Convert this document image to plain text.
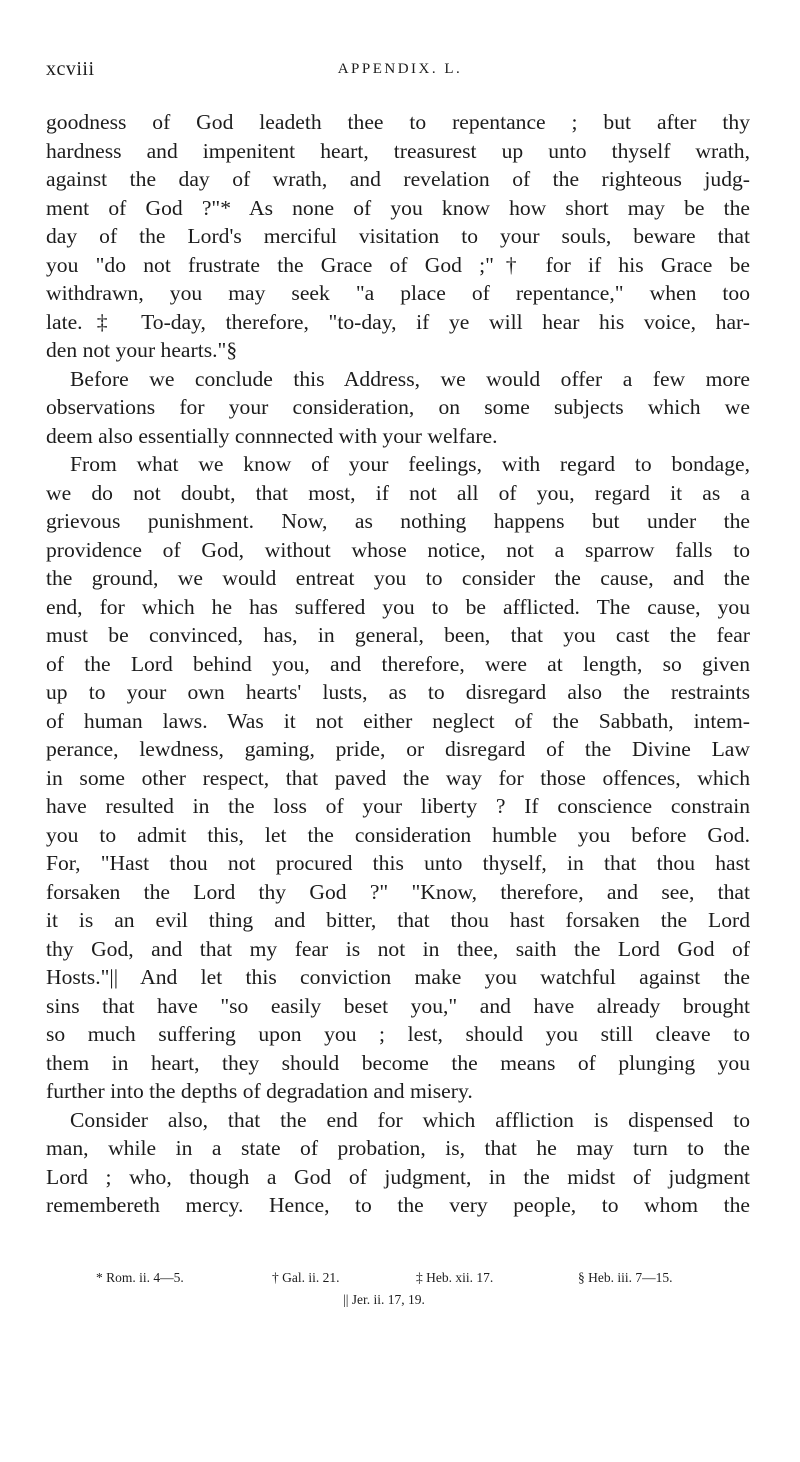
xcviii	APPENDIX. L.
goodness of God leadeth thee to repentance ; but after thy
hardness and impenitent heart, treasurest up unto thyself wrath,
against the day of wrath, and revelation of the righteous judg-
ment of God ?"* As none of you know how short may be the
day of the Lord's merciful visitation to your souls, beware that
you "do not frustrate the Grace of God ;"† for if his Grace be
withdrawn, you may seek "a place of repentance," when too
late.‡ To-day, therefore, "to-day, if ye will hear his voice, har-
den not your hearts."§
Before we conclude this Address, we would offer a few more
observations for your consideration, on some subjects which we
deem also essentially connnected with your welfare.
From what we know of your feelings, with regard to bondage,
we do not doubt, that most, if not all of you, regard it as a
grievous punishment. Now, as nothing happens but under the
providence of God, without whose notice, not a sparrow falls to
the ground, we would entreat you to consider the cause, and the
end, for which he has suffered you to be afflicted. The cause, you
must be convinced, has, in general, been, that you cast the fear
of the Lord behind you, and therefore, were at length, so given
up to your own hearts' lusts, as to disregard also the restraints
of human laws. Was it not either neglect of the Sabbath, intem-
perance, lewdness, gaming, pride, or disregard of the Divine Law
in some other respect, that paved the way for those offences, which
have resulted in the loss of your liberty ? If conscience constrain
you to admit this, let the consideration humble you before God.
For, "Hast thou not procured this unto thyself, in that thou hast
forsaken the Lord thy God ?" "Know, therefore, and see, that
it is an evil thing and bitter, that thou hast forsaken the Lord
thy God, and that my fear is not in thee, saith the Lord God of
Hosts."|| And let this conviction make you watchful against the
sins that have "so easily beset you," and have already brought
so much suffering upon you ; lest, should you still cleave to
them in heart, they should become the means of plunging you
further into the depths of degradation and misery.
Consider also, that the end for which affliction is dispensed to
man, while in a state of probation, is, that he may turn to the
Lord ; who, though a God of judgment, in the midst of judgment
remembereth mercy. Hence, to the very people, to whom the
* Rom. ii. 4—5.	† Gal. ii. 21.	‡ Heb. xii. 17.	§ Heb. iii. 7—15.
|| Jer. ii. 17, 19.
